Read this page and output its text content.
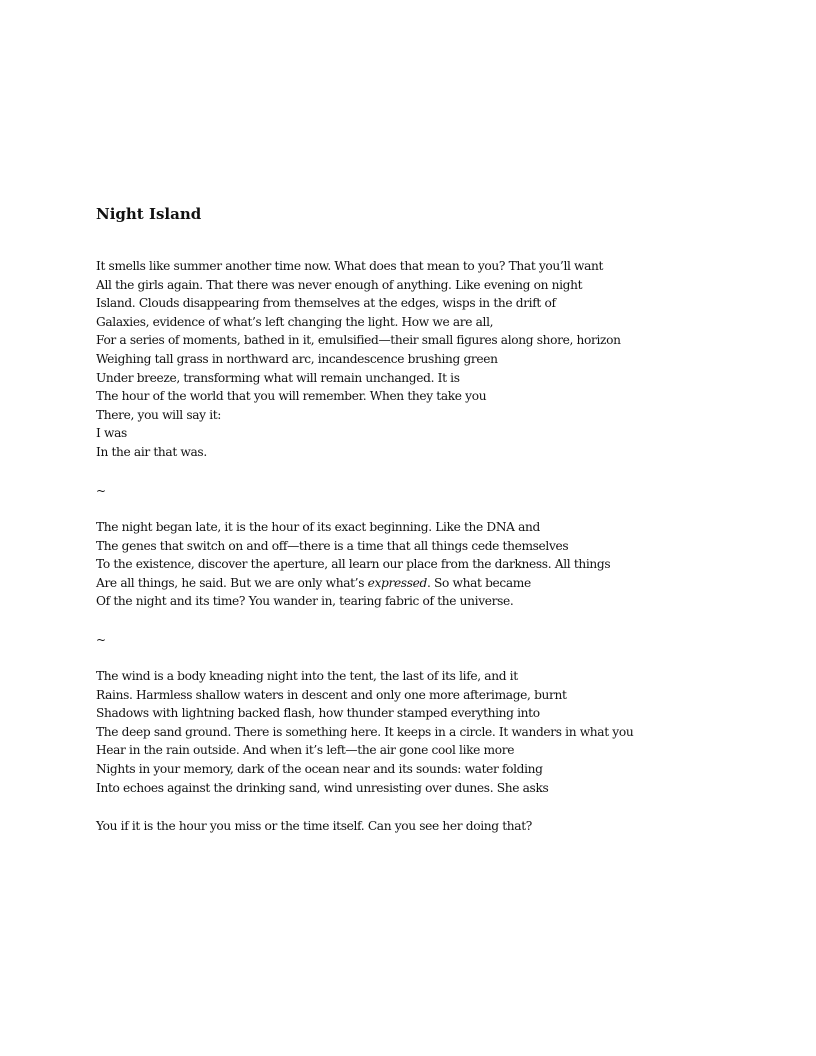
Night Island
It smells like summer another time now. What does that mean to you? That you’ll want
All the girls again. That there was never enough of anything. Like evening on night
Island. Clouds disappearing from themselves at the edges, wisps in the drift of
Galaxies, evidence of what’s left changing the light. How we are all,
For a series of moments, bathed in it, emulsified—their small figures along shore, horizon
Weighing tall grass in northward arc, incandescence brushing green
Under breeze, transforming what will remain unchanged. It is
The hour of the world that you will remember. When they take you
There, you will say it:
I was
In the air that was.
~
The night began late, it is the hour of its exact beginning. Like the DNA and
The genes that switch on and off—there is a time that all things cede themselves
To the existence, discover the aperture, all learn our place from the darkness. All things
Are all things, he said. But we are only what’s expressed. So what became
Of the night and its time? You wander in, tearing fabric of the universe.
~
The wind is a body kneading night into the tent, the last of its life, and it
Rains. Harmless shallow waters in descent and only one more afterimage, burnt
Shadows with lightning backed flash, how thunder stamped everything into
The deep sand ground. There is something here. It keeps in a circle. It wanders in what you
Hear in the rain outside. And when it’s left—the air gone cool like more
Nights in your memory, dark of the ocean near and its sounds: water folding
Into echoes against the drinking sand, wind unresisting over dunes. She asks
You if it is the hour you miss or the time itself. Can you see her doing that?
